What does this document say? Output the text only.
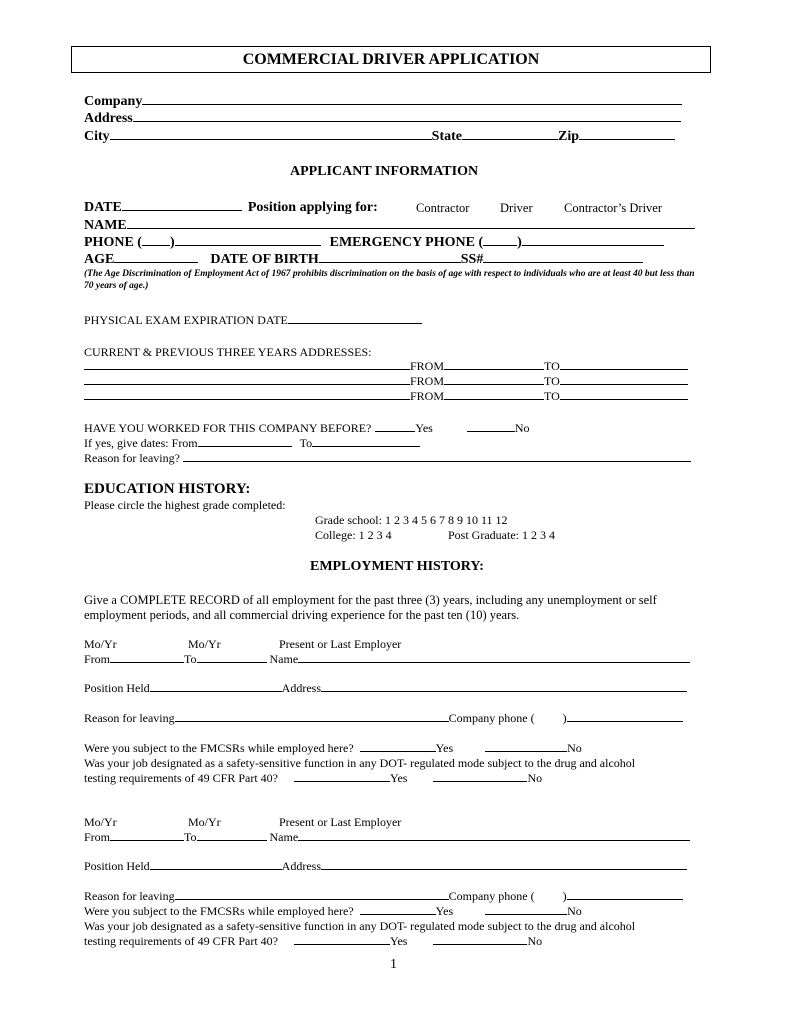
COMMERCIAL DRIVER APPLICATION
Company
Address
City	State	Zip
APPLICANT INFORMATION
DATE	Position applying for:	Contractor Driver	Contractor’s Driver
NAME
PHONE ( )	EMERGENCY PHONE ( )
AGE	DATE OF BIRTH	SS#
(The Age Discrimination of Employment Act of 1967 prohibits discrimination on the basis of age with respect to individuals who are at least 40 but less than 70 years of age.)
PHYSICAL EXAM EXPIRATION DATE
CURRENT & PREVIOUS THREE YEARS ADDRESSES:
FROM	TO
FROM	TO
FROM	TO
HAVE YOU WORKED FOR THIS COMPANY BEFORE?	Yes	No
If yes, give dates: From	To
Reason for leaving?
EDUCATION HISTORY:
Please circle the highest grade completed:
Grade school: 1 2 3 4 5 6 7 8 9 10 11 12
College: 1 2 3 4	Post Graduate: 1 2 3 4
EMPLOYMENT HISTORY:
Give a COMPLETE RECORD of all employment for the past three (3) years, including any unemployment or self employment periods, and all commercial driving experience for the past ten (10) years.
Mo/Yr	Mo/Yr	Present or Last Employer
From	To	Name
Position Held	Address
Reason for leaving	Company phone ( )
Were you subject to the FMCSRs while employed here?	Yes	No
Was your job designated as a safety-sensitive function in any DOT- regulated mode subject to the drug and alcohol
testing requirements of 49 CFR Part 40?	Yes	No
Mo/Yr	Mo/Yr	Present or Last Employer
From	To	Name
Position Held	Address
Reason for leaving	Company phone ( )
Were you subject to the FMCSRs while employed here?	Yes	No
Was your job designated as a safety-sensitive function in any DOT- regulated mode subject to the drug and alcohol
testing requirements of 49 CFR Part 40?	Yes	No
1
